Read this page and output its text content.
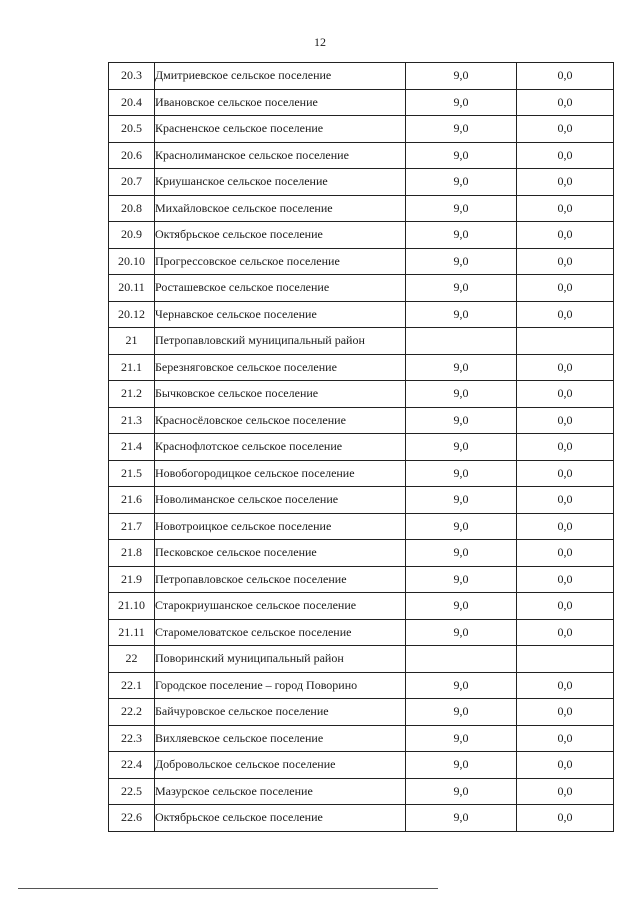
12
20.3	Дмитриевское сельское поселение	9,0	0,0
20.4	Ивановское сельское поселение	9,0	0,0
20.5	Красненское сельское поселение	9,0	0,0
20.6	Краснолиманское сельское поселение	9,0	0,0
20.7	Криушанское сельское поселение	9,0	0,0
20.8	Михайловское сельское поселение	9,0	0,0
20.9	Октябрьское сельское поселение	9,0	0,0
20.10	Прогрессовское сельское поселение	9,0	0,0
20.11	Росташевское сельское поселение	9,0	0,0
20.12	Чернавское сельское поселение	9,0	0,0
21	Петропавловский муниципальный район		
21.1	Березняговское сельское поселение	9,0	0,0
21.2	Бычковское сельское поселение	9,0	0,0
21.3	Красносёловское сельское поселение	9,0	0,0
21.4	Краснофлотское сельское поселение	9,0	0,0
21.5	Новобогородицкое сельское поселение	9,0	0,0
21.6	Новолиманское сельское поселение	9,0	0,0
21.7	Новотроицкое сельское поселение	9,0	0,0
21.8	Песковское сельское поселение	9,0	0,0
21.9	Петропавловское сельское поселение	9,0	0,0
21.10	Старокриушанское сельское поселение	9,0	0,0
21.11	Старомеловатское сельское поселение	9,0	0,0
22	Поворинский муниципальный район		
22.1	Городское поселение – город Поворино	9,0	0,0
22.2	Байчуровское сельское поселение	9,0	0,0
22.3	Вихляевское сельское поселение	9,0	0,0
22.4	Добровольское сельское поселение	9,0	0,0
22.5	Мазурское сельское поселение	9,0	0,0
22.6	Октябрьское сельское поселение	9,0	0,0
